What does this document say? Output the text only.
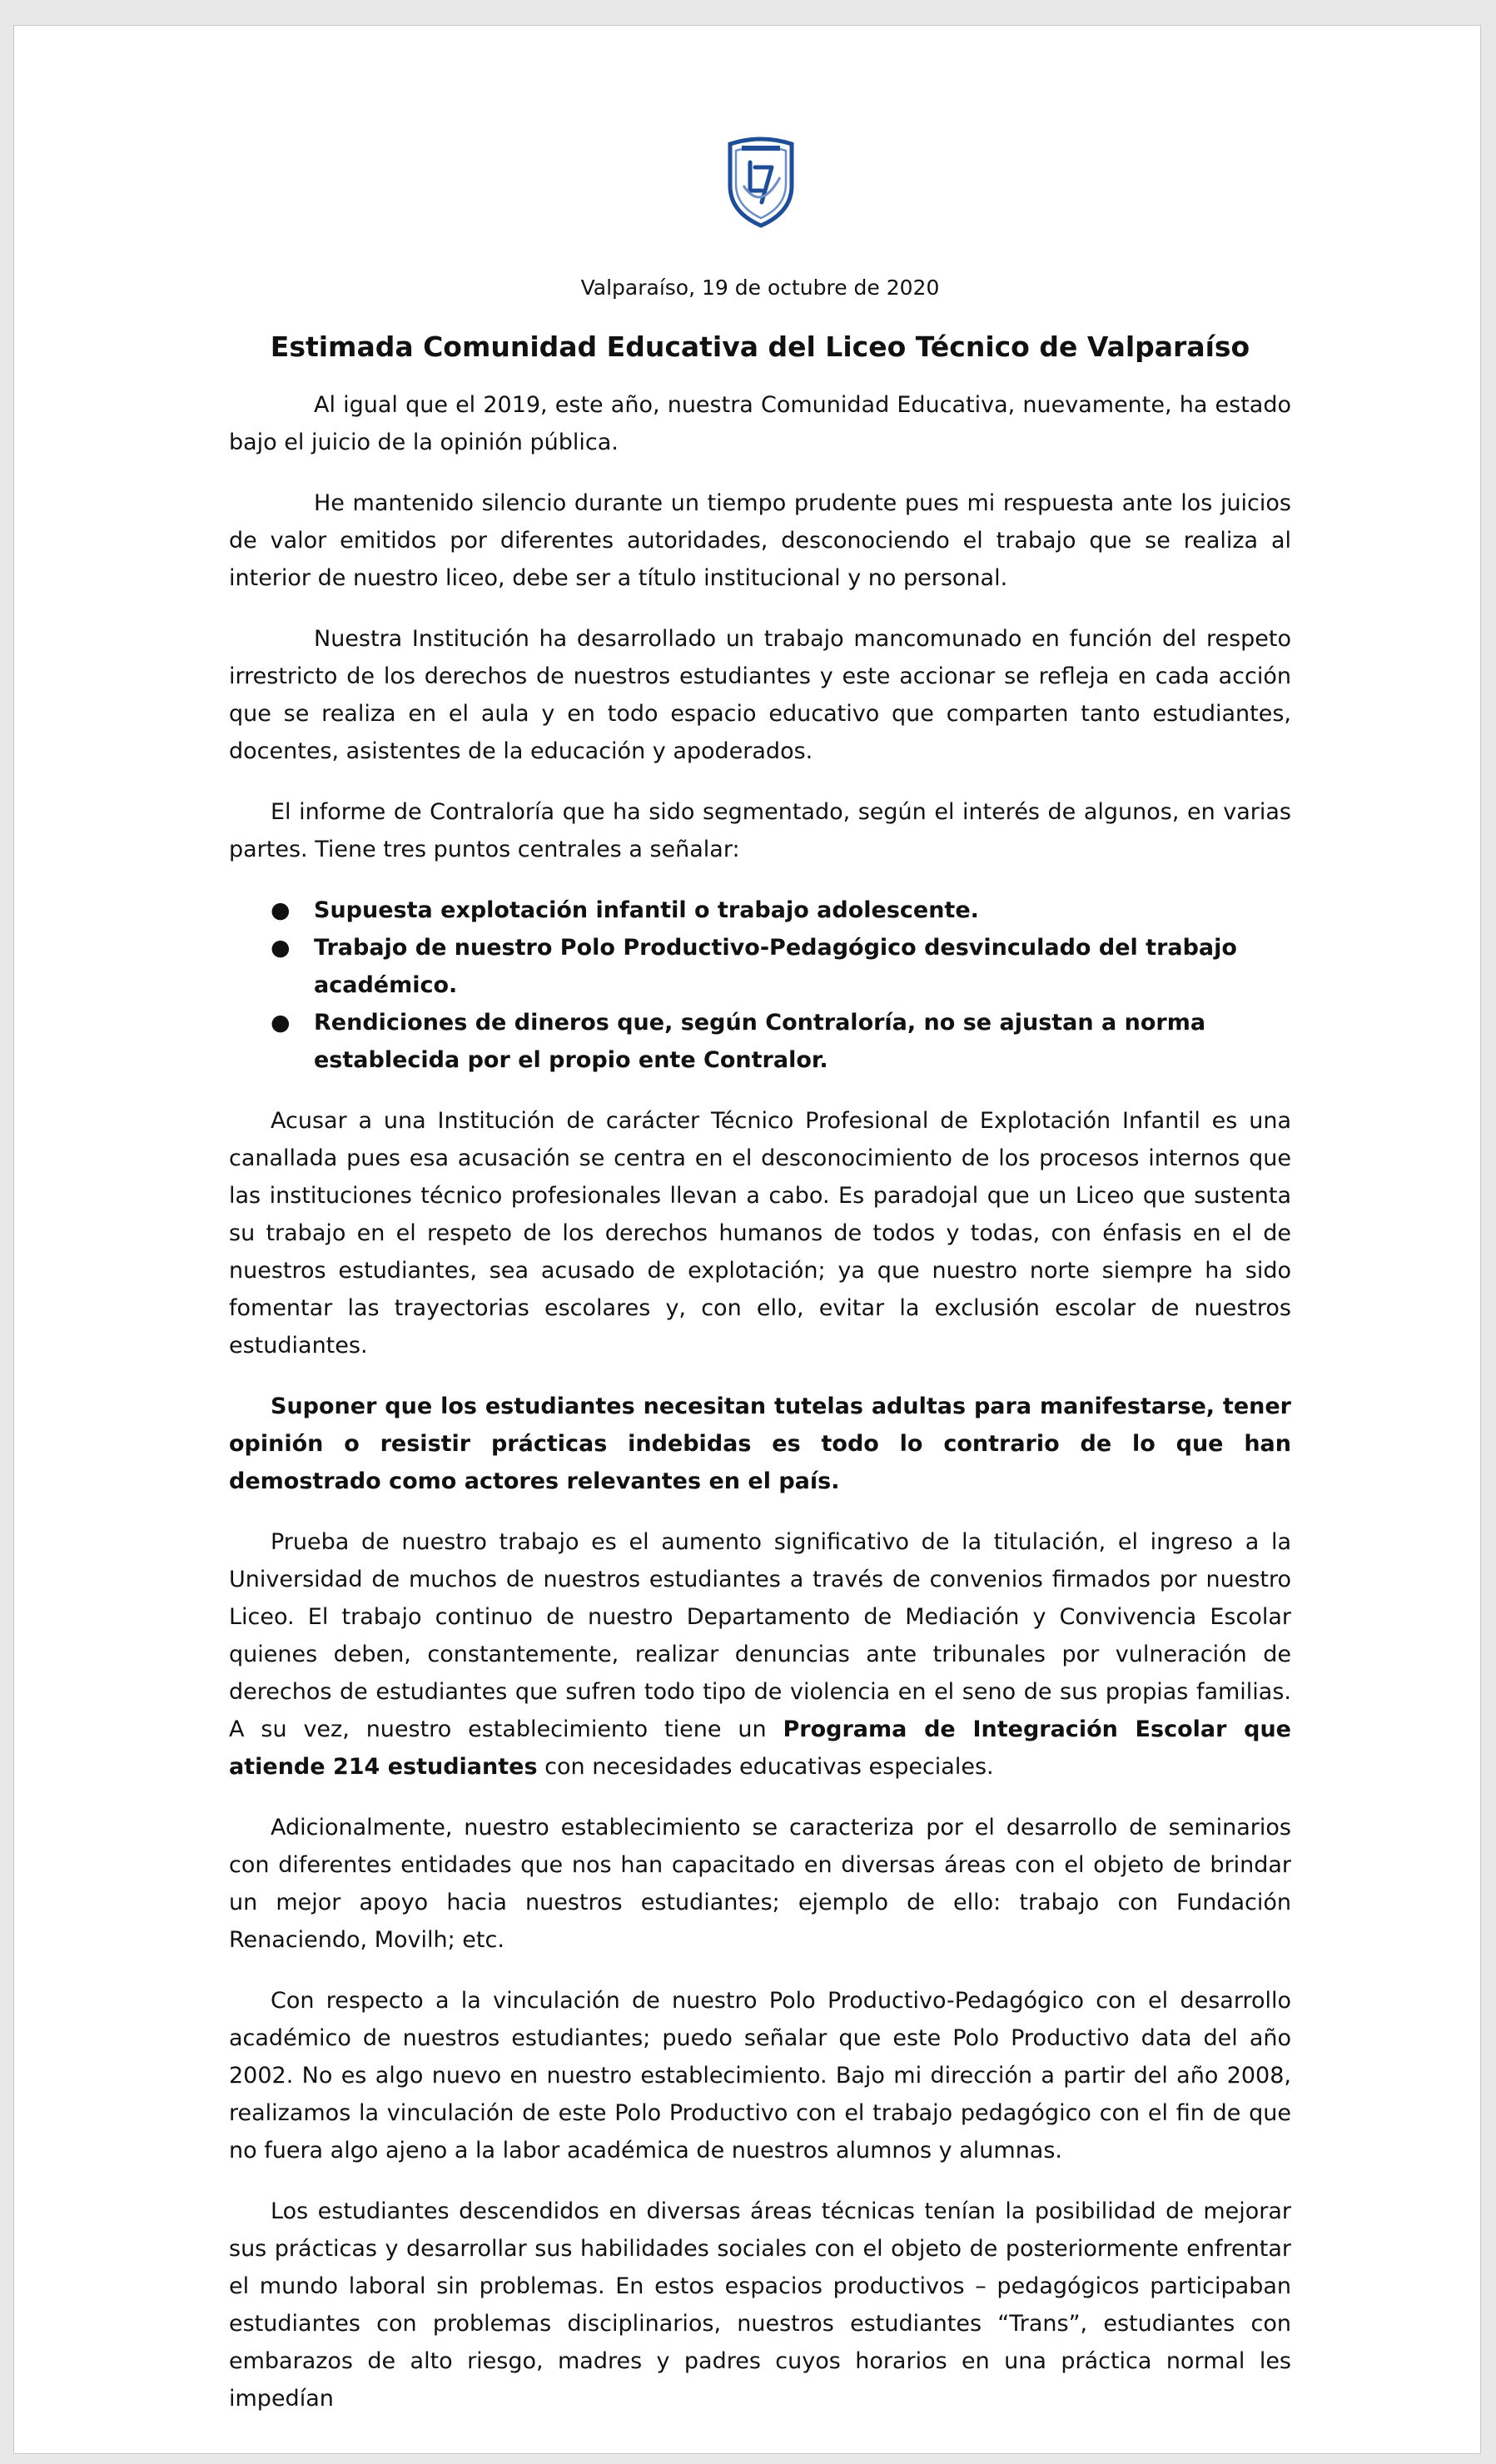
Valparaíso, 19 de octubre de 2020
Estimada Comunidad Educativa del Liceo Técnico de Valparaíso

Al igual que el 2019, este año, nuestra Comunidad Educativa, nuevamente, ha estado bajo el juicio de la opinión pública.

He mantenido silencio durante un tiempo prudente pues mi respuesta ante los juicios de valor emitidos por diferentes autoridades, desconociendo el trabajo que se realiza al interior de nuestro liceo, debe ser a título institucional y no personal.

Nuestra Institución ha desarrollado un trabajo mancomunado en función del respeto irrestricto de los derechos de nuestros estudiantes y este accionar se refleja en cada acción que se realiza en el aula y en todo espacio educativo que comparten tanto estudiantes, docentes, asistentes de la educación y apoderados.

El informe de Contraloría que ha sido segmentado, según el interés de algunos, en varias partes. Tiene tres puntos centrales a señalar:

● Supuesta explotación infantil o trabajo adolescente.
● Trabajo de nuestro Polo Productivo-Pedagógico desvinculado del trabajo académico.
● Rendiciones de dineros que, según Contraloría, no se ajustan a norma establecida por el propio ente Contralor.

Acusar a una Institución de carácter Técnico Profesional de Explotación Infantil es una canallada pues esa acusación se centra en el desconocimiento de los procesos internos que las instituciones técnico profesionales llevan a cabo. Es paradojal que un Liceo que sustenta su trabajo en el respeto de los derechos humanos de todos y todas, con énfasis en el de nuestros estudiantes, sea acusado de explotación; ya que nuestro norte siempre ha sido fomentar las trayectorias escolares y, con ello, evitar la exclusión escolar de nuestros estudiantes.

Suponer que los estudiantes necesitan tutelas adultas para manifestarse, tener opinión o resistir prácticas indebidas es todo lo contrario de lo que han demostrado como actores relevantes en el país.

Prueba de nuestro trabajo es el aumento significativo de la titulación, el ingreso a la Universidad de muchos de nuestros estudiantes a través de convenios firmados por nuestro Liceo. El trabajo continuo de nuestro Departamento de Mediación y Convivencia Escolar quienes deben, constantemente, realizar denuncias ante tribunales por vulneración de derechos de estudiantes que sufren todo tipo de violencia en el seno de sus propias familias. A su vez, nuestro establecimiento tiene un Programa de Integración Escolar que atiende 214 estudiantes con necesidades educativas especiales.

Adicionalmente, nuestro establecimiento se caracteriza por el desarrollo de seminarios con diferentes entidades que nos han capacitado en diversas áreas con el objeto de brindar un mejor apoyo hacia nuestros estudiantes; ejemplo de ello: trabajo con Fundación Renaciendo, Movilh; etc.

Con respecto a la vinculación de nuestro Polo Productivo-Pedagógico con el desarrollo académico de nuestros estudiantes; puedo señalar que este Polo Productivo data del año 2002. No es algo nuevo en nuestro establecimiento. Bajo mi dirección a partir del año 2008, realizamos la vinculación de este Polo Productivo con el trabajo pedagógico con el fin de que no fuera algo ajeno a la labor académica de nuestros alumnos y alumnas.

Los estudiantes descendidos en diversas áreas técnicas tenían la posibilidad de mejorar sus prácticas y desarrollar sus habilidades sociales con el objeto de posteriormente enfrentar el mundo laboral sin problemas. En estos espacios productivos – pedagógicos participaban estudiantes con problemas disciplinarios, nuestros estudiantes “Trans”, estudiantes con embarazos de alto riesgo, madres y padres cuyos horarios en una práctica normal les impedían
